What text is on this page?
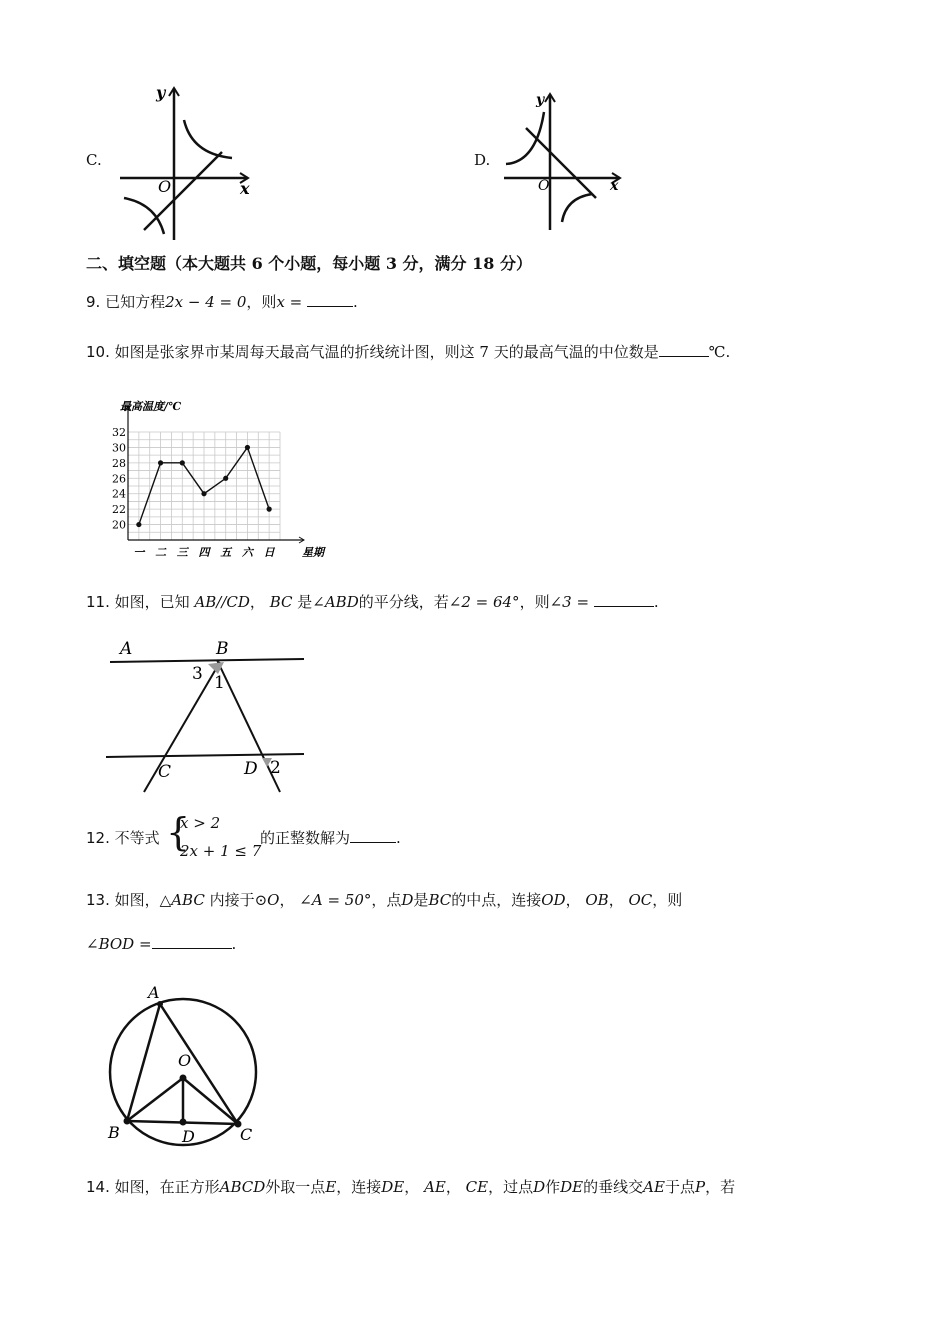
C.
y
x
O
D.
y
x
O
二、填空题（本大题共 6 个小题，每小题 3 分，满分 18 分）
9. 已知方程2x − 4 = 0，则x =	.
10. 如图是张家界市某周每天最高气温的折线统计图，则这 7 天的最高气温的中位数是	℃.
20
22
24
26
28
30
32
一 二 三 四 五 六 日 星期
最高温度/℃
11. 如图，已知 AB//CD， BC 是∠ABD的平分线，若∠2 = 64°，则∠3 =	.
A	B
3 1
C	D 2
12. 不等式 {
x > 2
2x + 1 ≤ 7
的正整数解为	.
13. 如图，△ABC 内接于⊙O， ∠A = 50°，点D是BC的中点，连接OD， OB， OC，则
∠BOD =	.
A
O
B	D	C
14. 如图，在正方形ABCD外取一点E，连接DE， AE， CE，过点D作DE的垂线交AE于点P，若
